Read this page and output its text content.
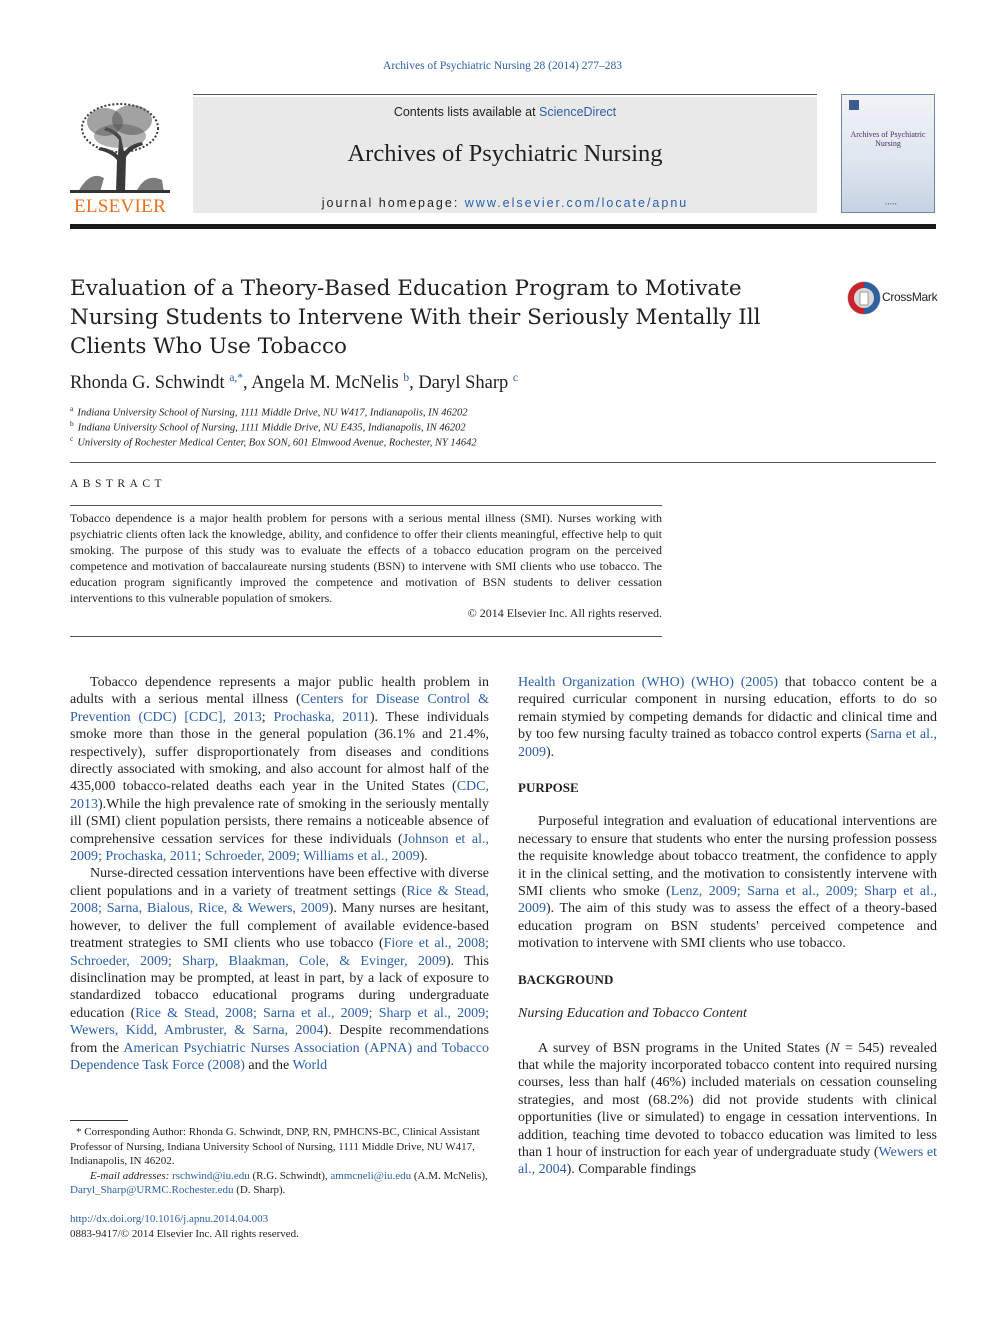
Archives of Psychiatric Nursing 28 (2014) 277–283
ELSEVIER
Contents lists available at ScienceDirect
Archives of Psychiatric Nursing
journal homepage: www.elsevier.com/locate/apnu
Archives of Psychiatric Nursing
▪ ▪ ▪ ▪ ▪
Evaluation of a Theory-Based Education Program to Motivate Nursing Students to Intervene With their Seriously Mentally Ill Clients Who Use Tobacco
CrossMark
Rhonda G. Schwindt $^{a,*}$, Angela M. McNelis $^b$, Daryl Sharp $^c$
$^a$ Indiana University School of Nursing, 1111 Middle Drive, NU W417, Indianapolis, IN 46202
$^b$ Indiana University School of Nursing, 1111 Middle Drive, NU E435, Indianapolis, IN 46202
$^c$ University of Rochester Medical Center, Box SON, 601 Elmwood Avenue, Rochester, NY 14642
ABSTRACT
Tobacco dependence is a major health problem for persons with a serious mental illness (SMI). Nurses working with psychiatric clients often lack the knowledge, ability, and confidence to offer their clients meaningful, effective help to quit smoking. The purpose of this study was to evaluate the effects of a tobacco education program on the perceived competence and motivation of baccalaureate nursing students (BSN) to intervene with SMI clients who use tobacco. The education program significantly improved the competence and motivation of BSN students to deliver cessation interventions to this vulnerable population of smokers.
© 2014 Elsevier Inc. All rights reserved.

Tobacco dependence represents a major public health problem in adults with a serious mental illness (Centers for Disease Control & Prevention (CDC) [CDC], 2013; Prochaska, 2011). These individuals smoke more than those in the general population (36.1% and 21.4%, respectively), suffer disproportionately from diseases and conditions directly associated with smoking, and also account for almost half of the 435,000 tobacco-related deaths each year in the United States (CDC, 2013).While the high prevalence rate of smoking in the seriously mentally ill (SMI) client population persists, there remains a noticeable absence of comprehensive cessation services for these individuals (Johnson et al., 2009; Prochaska, 2011; Schroeder, 2009; Williams et al., 2009).

Nurse-directed cessation interventions have been effective with diverse client populations and in a variety of treatment settings (Rice & Stead, 2008; Sarna, Bialous, Rice, & Wewers, 2009). Many nurses are hesitant, however, to deliver the full complement of available evidence-based treatment strategies to SMI clients who use tobacco (Fiore et al., 2008; Schroeder, 2009; Sharp, Blaakman, Cole, & Evinger, 2009). This disinclination may be prompted, at least in part, by a lack of exposure to standardized tobacco educational programs during undergraduate education (Rice & Stead, 2008; Sarna et al., 2009; Sharp et al., 2009; Wewers, Kidd, Ambruster, & Sarna, 2004). Despite recommendations from the American Psychiatric Nurses Association (APNA) and Tobacco Dependence Task Force (2008) and the World

Health Organization (WHO) (WHO) (2005) that tobacco content be a required curricular component in nursing education, efforts to do so remain stymied by competing demands for didactic and clinical time and by too few nursing faculty trained as tobacco control experts (Sarna et al., 2009).

PURPOSE

Purposeful integration and evaluation of educational interventions are necessary to ensure that students who enter the nursing profession possess the requisite knowledge about tobacco treatment, the confidence to apply it in the clinical setting, and the motivation to consistently intervene with SMI clients who smoke (Lenz, 2009; Sarna et al., 2009; Sharp et al., 2009). The aim of this study was to assess the effect of a theory-based education program on BSN students' perceived competence and motivation to intervene with SMI clients who use tobacco.

BACKGROUND
Nursing Education and Tobacco Content

A survey of BSN programs in the United States (N = 545) revealed that while the majority incorporated tobacco content into required nursing courses, less than half (46%) included materials on cessation counseling strategies, and most (68.2%) did not provide students with clinical opportunities (live or simulated) to engage in cessation interventions. In addition, teaching time devoted to tobacco education was limited to less than 1 hour of instruction for each year of undergraduate study (Wewers et al., 2004). Comparable findings

* Corresponding Author: Rhonda G. Schwindt, DNP, RN, PMHCNS-BC, Clinical Assistant Professor of Nursing, Indiana University School of Nursing, 1111 Middle Drive, NU W417, Indianapolis, IN 46202.

E-mail addresses: rschwind@iu.edu (R.G. Schwindt), ammcneli@iu.edu (A.M. McNelis), Daryl_Sharp@URMC.Rochester.edu (D. Sharp).

http://dx.doi.org/10.1016/j.apnu.2014.04.003
0883-9417/© 2014 Elsevier Inc. All rights reserved.
